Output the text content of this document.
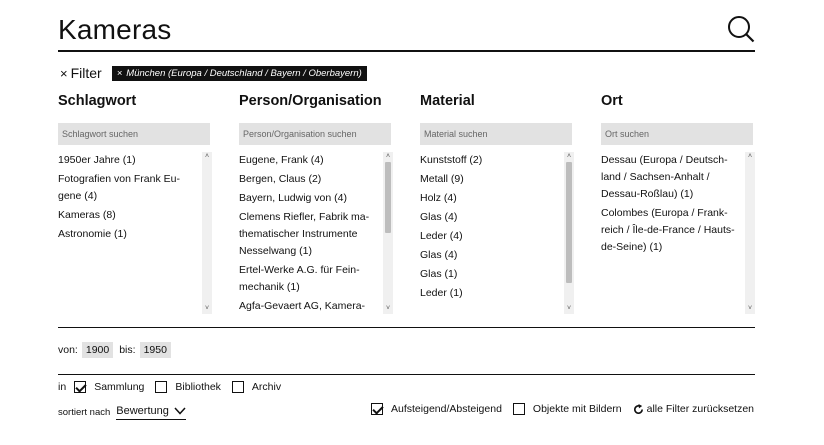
Kameras
× Filter × München (Europa / Deutschland / Bayern / Oberbayern)
Schlagwort
Schlagwort suchen
1950er Jahre (1)
Fotografien von Frank Eu-gene (4)
Kameras (8)
Astronomie (1)
˄
˅
Person/Organisation
Person/Organisation suchen
Eugene, Frank (4)
Bergen, Claus (2)
Bayern, Ludwig von (4)
Clemens Riefler, Fabrik ma-thematischer Instrumente Nesselwang (1)
Ertel-Werke A.G. für Fein-mechanik (1)
Agfa-Gevaert AG, Kamera-
˄
˅
Material
Material suchen
Kunststoff (2)
Metall (9)
Holz (4)
Glas (4)
Leder (4)
Glas (4)
Glas (1)
Leder (1)
˄
˅
Ort
Ort suchen
Dessau (Europa / Deutsch-land / Sachsen-Anhalt / Dessau-Roßlau) (1)
Colombes (Europa / Frank-reich / Île-de-France / Hauts-de-Seine) (1)
˄
˅
von: 1900 bis: 1950
in	Sammlung	Bibliothek	Archiv
sortiert nach Bewertung	Aufsteigend/Absteigend	Objekte mit Bildern alle Filter zurücksetzen
